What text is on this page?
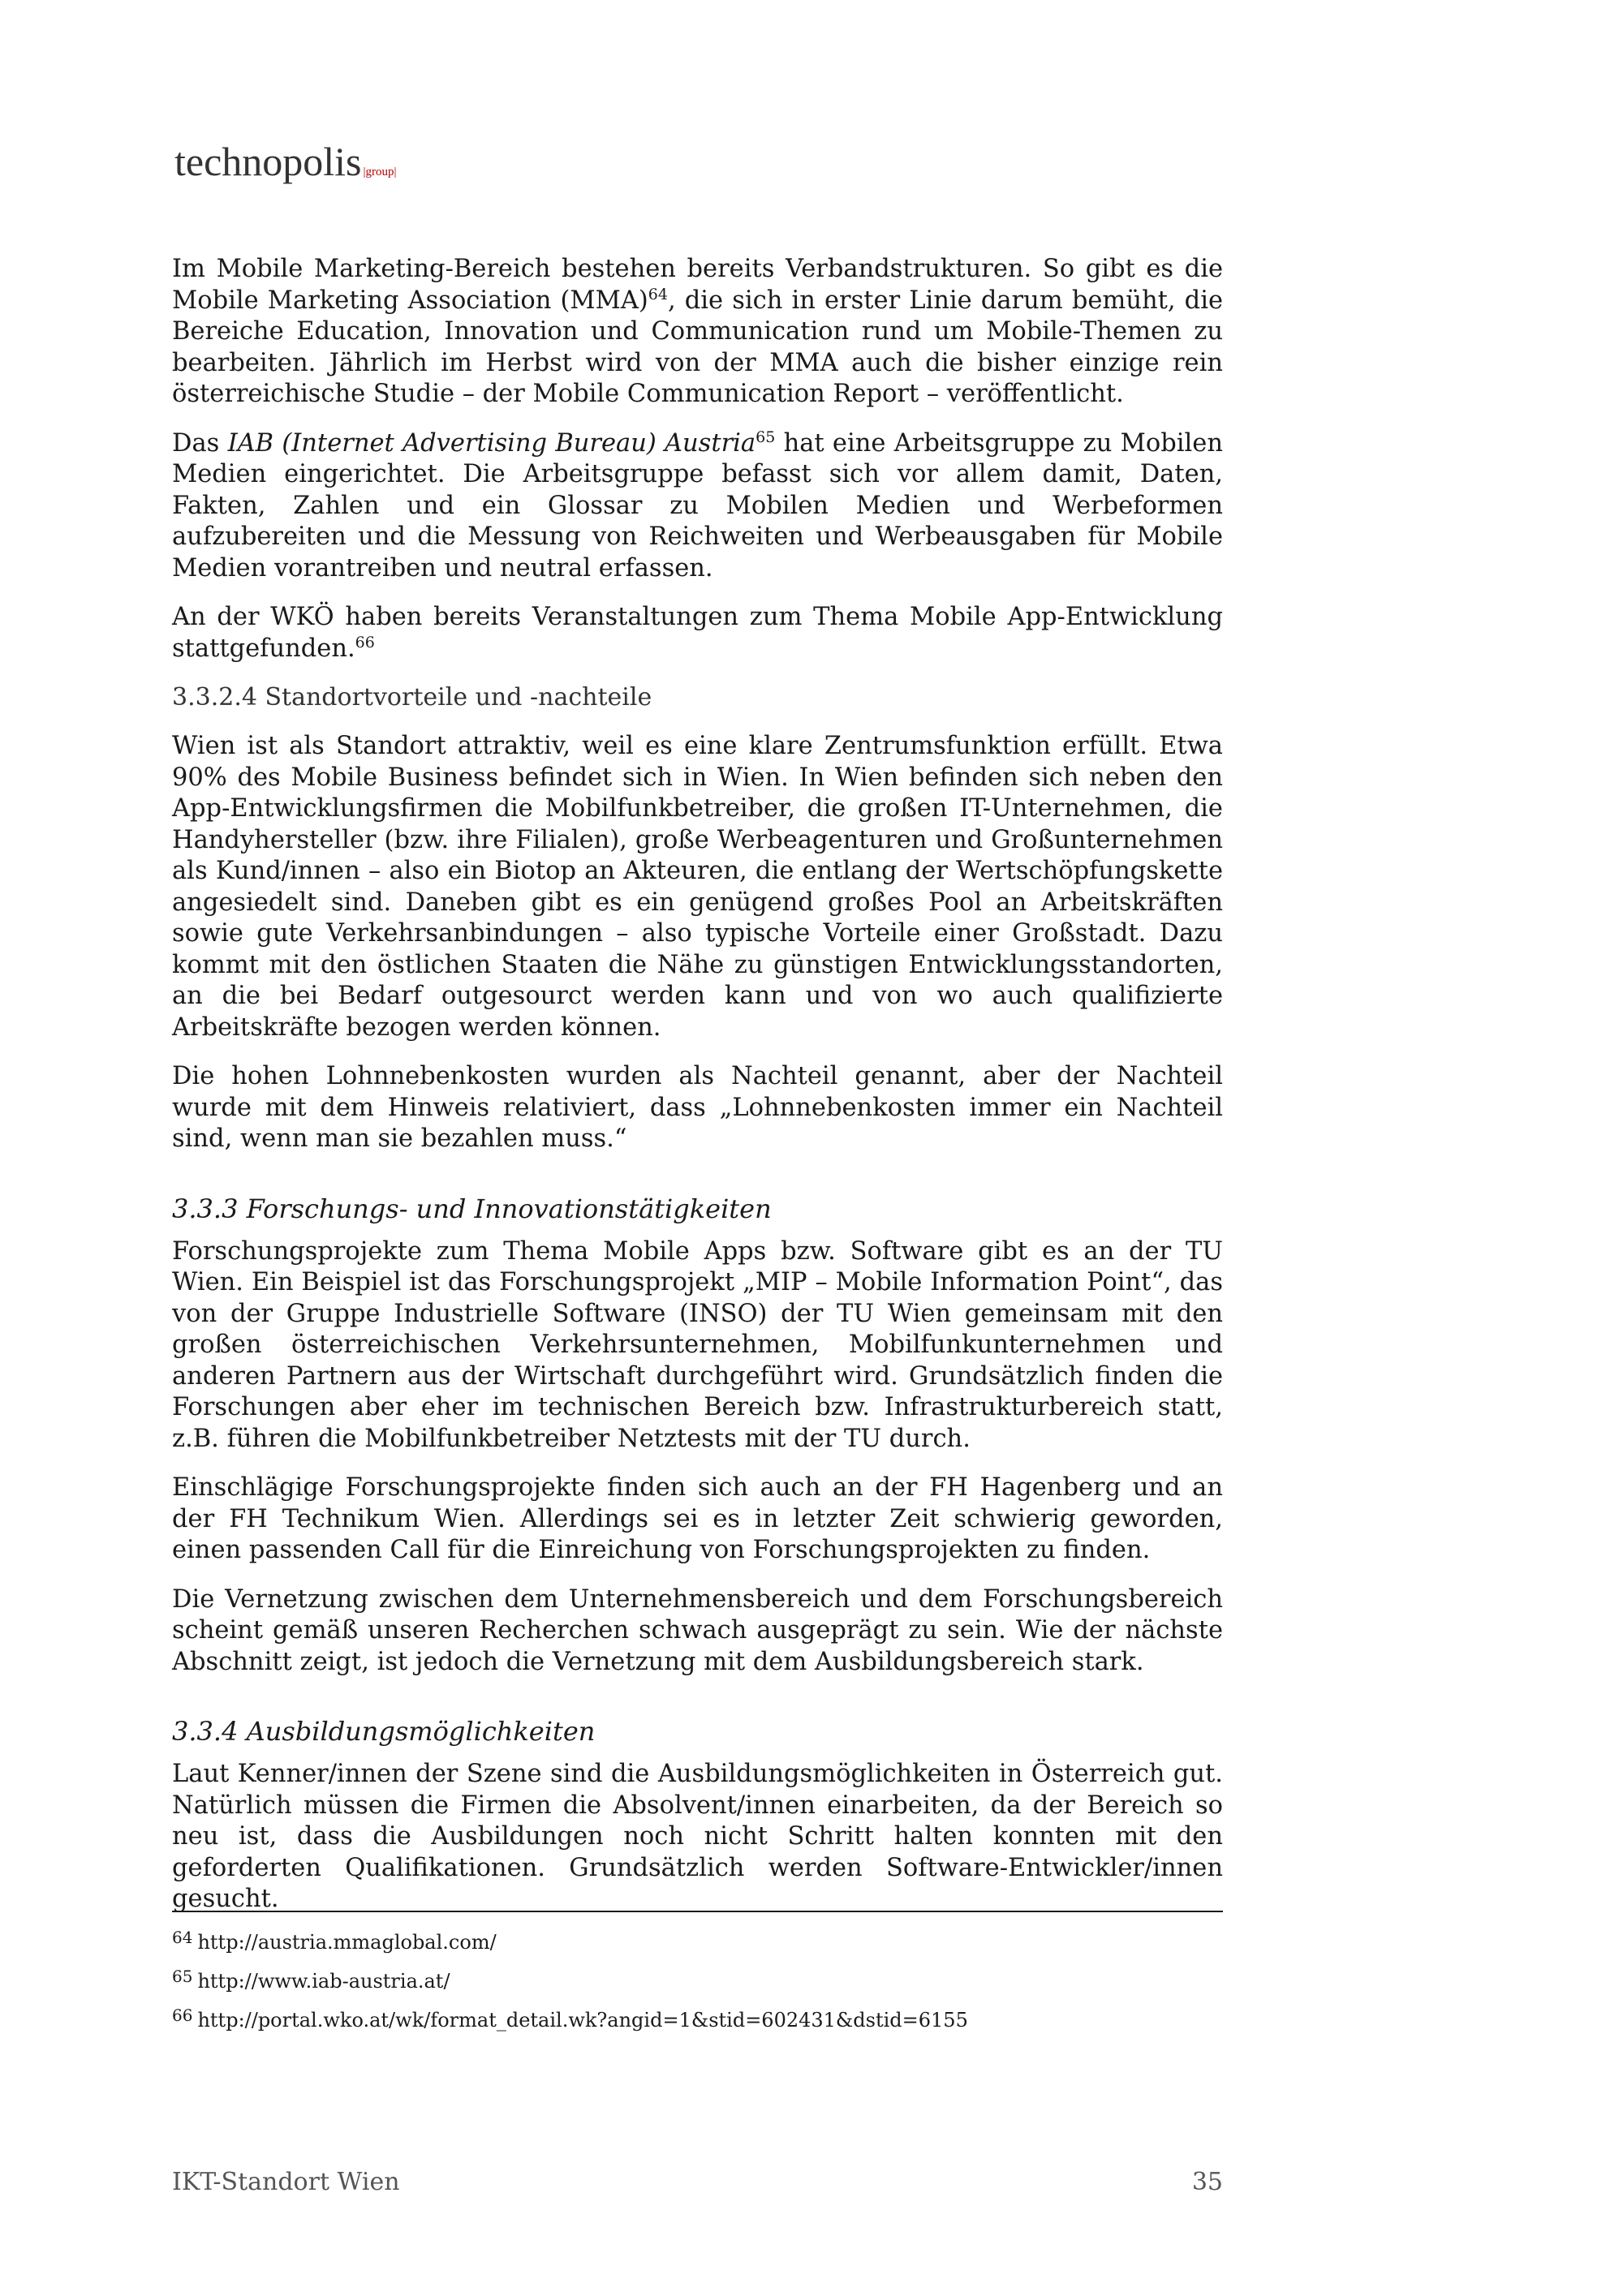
technopolis |group|

Im Mobile Marketing-Bereich bestehen bereits Verbandstrukturen. So gibt es die Mobile Marketing Association (MMA)$^{64}$, die sich in erster Linie darum bemüht, die Bereiche Education, Innovation und Communication rund um Mobile-Themen zu bearbeiten. Jährlich im Herbst wird von der MMA auch die bisher einzige rein österreichische Studie – der Mobile Communication Report – veröffentlicht.

Das IAB (Internet Advertising Bureau) Austria$^{65}$ hat eine Arbeitsgruppe zu Mobilen Medien eingerichtet. Die Arbeitsgruppe befasst sich vor allem damit, Daten, Fakten, Zahlen und ein Glossar zu Mobilen Medien und Werbeformen aufzubereiten und die Messung von Reichweiten und Werbeausgaben für Mobile Medien vorantreiben und neutral erfassen.

An der WKÖ haben bereits Veranstaltungen zum Thema Mobile App-Entwicklung stattgefunden.$^{66}$

3.3.2.4 Standortvorteile und -nachteile

Wien ist als Standort attraktiv, weil es eine klare Zentrumsfunktion erfüllt. Etwa 90% des Mobile Business befindet sich in Wien. In Wien befinden sich neben den App-Entwicklungsfirmen die Mobilfunkbetreiber, die großen IT-Unternehmen, die Handyhersteller (bzw. ihre Filialen), große Werbeagenturen und Großunternehmen als Kund/innen – also ein Biotop an Akteuren, die entlang der Wertschöpfungskette angesiedelt sind. Daneben gibt es ein genügend großes Pool an Arbeitskräften sowie gute Verkehrsanbindungen – also typische Vorteile einer Großstadt. Dazu kommt mit den östlichen Staaten die Nähe zu günstigen Entwicklungsstandorten, an die bei Bedarf outgesourct werden kann und von wo auch qualifizierte Arbeitskräfte bezogen werden können.

Die hohen Lohnnebenkosten wurden als Nachteil genannt, aber der Nachteil wurde mit dem Hinweis relativiert, dass „Lohnnebenkosten immer ein Nachteil sind, wenn man sie bezahlen muss.“

3.3.3 Forschungs- und Innovationstätigkeiten

Forschungsprojekte zum Thema Mobile Apps bzw. Software gibt es an der TU Wien. Ein Beispiel ist das Forschungsprojekt „MIP – Mobile Information Point“, das von der Gruppe Industrielle Software (INSO) der TU Wien gemeinsam mit den großen österreichischen Verkehrsunternehmen, Mobilfunkunternehmen und anderen Partnern aus der Wirtschaft durchgeführt wird. Grundsätzlich finden die Forschungen aber eher im technischen Bereich bzw. Infrastrukturbereich statt, z.B. führen die Mobilfunkbetreiber Netztests mit der TU durch.

Einschlägige Forschungsprojekte finden sich auch an der FH Hagenberg und an der FH Technikum Wien. Allerdings sei es in letzter Zeit schwierig geworden, einen passenden Call für die Einreichung von Forschungsprojekten zu finden.

Die Vernetzung zwischen dem Unternehmensbereich und dem Forschungsbereich scheint gemäß unseren Recherchen schwach ausgeprägt zu sein. Wie der nächste Abschnitt zeigt, ist jedoch die Vernetzung mit dem Ausbildungsbereich stark.

3.3.4 Ausbildungsmöglichkeiten

Laut Kenner/innen der Szene sind die Ausbildungsmöglichkeiten in Österreich gut. Natürlich müssen die Firmen die Absolvent/innen einarbeiten, da der Bereich so neu ist, dass die Ausbildungen noch nicht Schritt halten konnten mit den geforderten Qualifikationen. Grundsätzlich werden Software-Entwickler/innen gesucht.

$^{64}$ http://austria.mmaglobal.com/
$^{65}$ http://www.iab-austria.at/
$^{66}$ http://portal.wko.at/wk/format_detail.wk?angid=1&stid=602431&dstid=6155
IKT-Standort Wien	35
